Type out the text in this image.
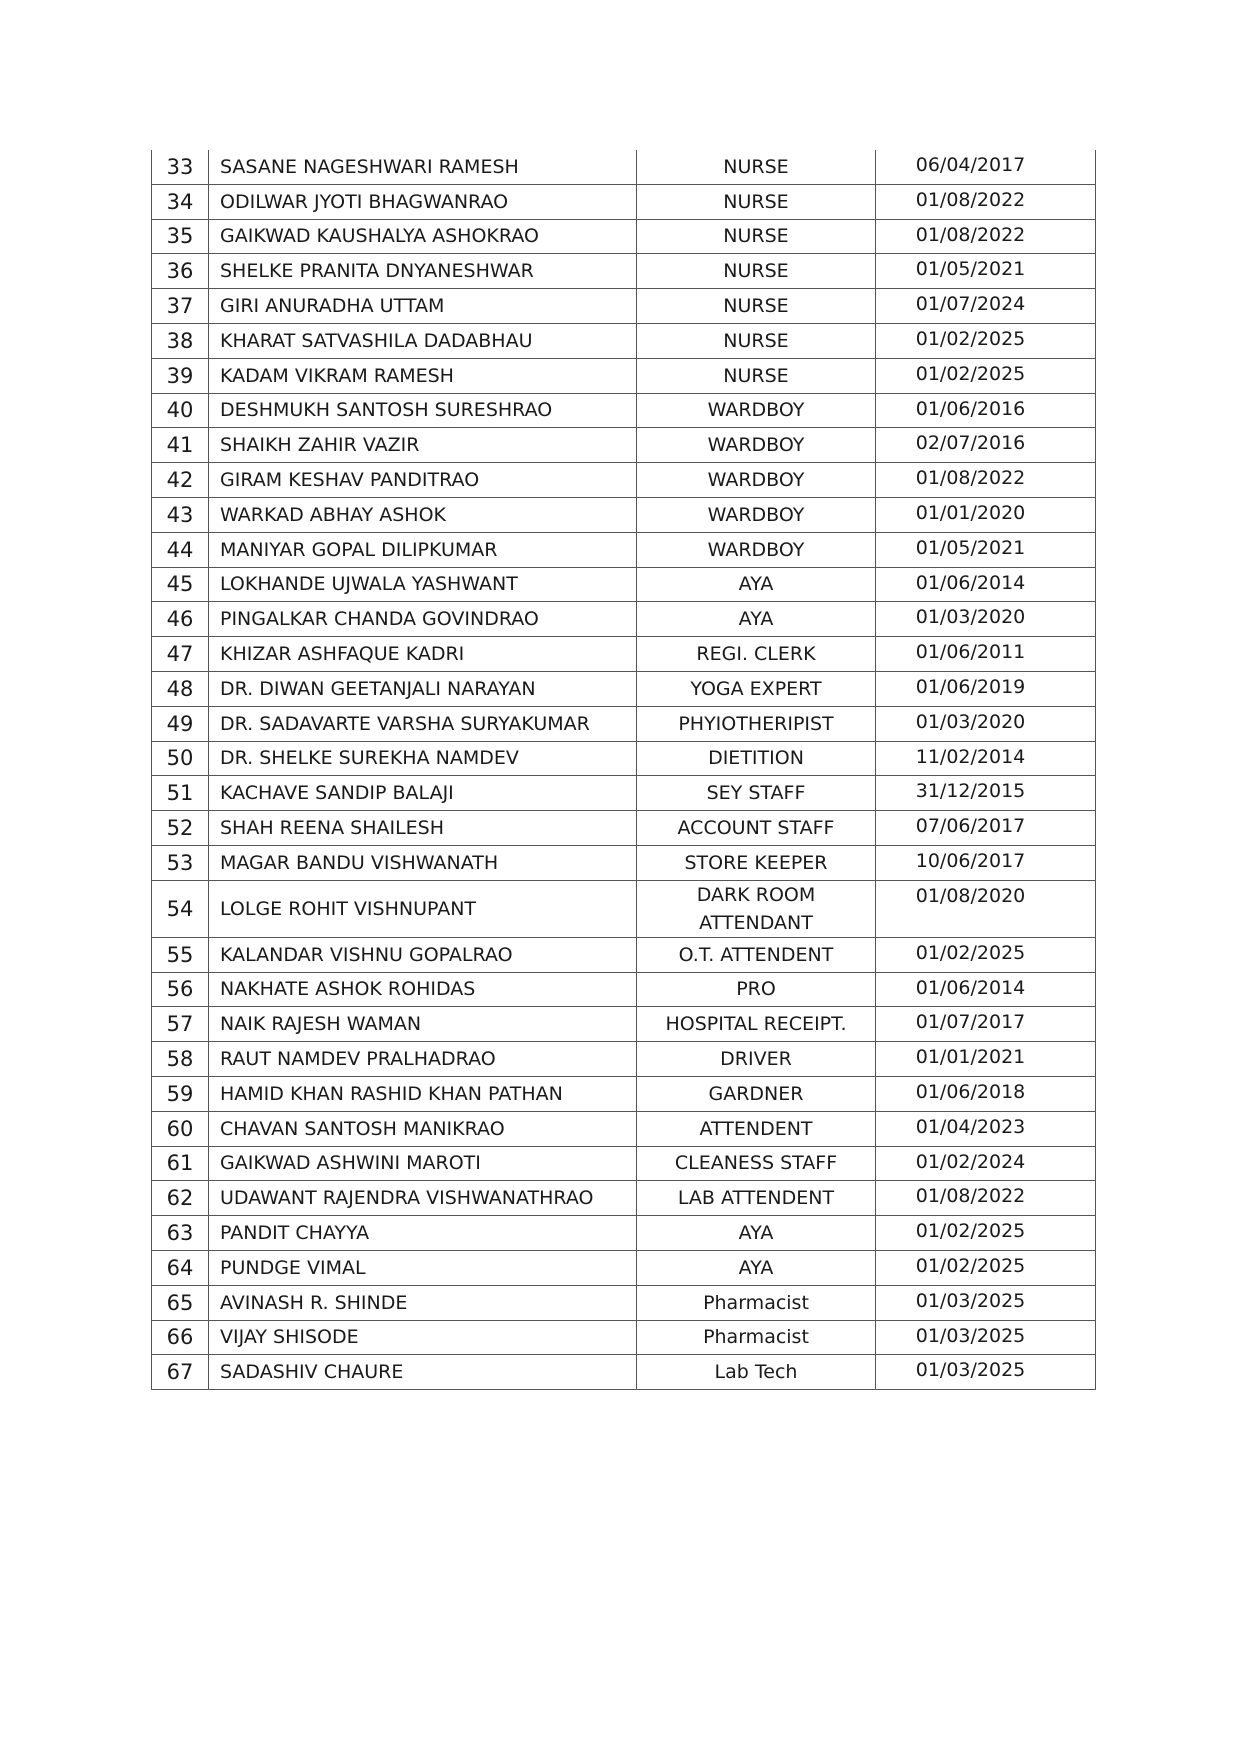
33	SASANE NAGESHWARI RAMESH	NURSE	06/04/2017
34	ODILWAR JYOTI BHAGWANRAO	NURSE	01/08/2022
35	GAIKWAD KAUSHALYA ASHOKRAO	NURSE	01/08/2022
36	SHELKE PRANITA DNYANESHWAR	NURSE	01/05/2021
37	GIRI ANURADHA UTTAM	NURSE	01/07/2024
38	KHARAT SATVASHILA DADABHAU	NURSE	01/02/2025
39	KADAM VIKRAM RAMESH	NURSE	01/02/2025
40	DESHMUKH SANTOSH SURESHRAO	WARDBOY	01/06/2016
41	SHAIKH ZAHIR VAZIR	WARDBOY	02/07/2016
42	GIRAM KESHAV PANDITRAO	WARDBOY	01/08/2022
43	WARKAD ABHAY ASHOK	WARDBOY	01/01/2020
44	MANIYAR GOPAL DILIPKUMAR	WARDBOY	01/05/2021
45	LOKHANDE UJWALA YASHWANT	AYA	01/06/2014
46	PINGALKAR CHANDA GOVINDRAO	AYA	01/03/2020
47	KHIZAR ASHFAQUE KADRI	REGI. CLERK	01/06/2011
48	DR. DIWAN GEETANJALI NARAYAN	YOGA EXPERT	01/06/2019
49	DR. SADAVARTE VARSHA SURYAKUMAR	PHYIOTHERIPIST	01/03/2020
50	DR. SHELKE SUREKHA NAMDEV	DIETITION	11/02/2014
51	KACHAVE SANDIP BALAJI	SEY STAFF	31/12/2015
52	SHAH REENA SHAILESH	ACCOUNT STAFF	07/06/2017
53	MAGAR BANDU VISHWANATH	STORE KEEPER	10/06/2017
54	LOLGE ROHIT VISHNUPANT	DARK ROOM ATTENDANT	01/08/2020
55	KALANDAR VISHNU GOPALRAO	O.T. ATTENDENT	01/02/2025
56	NAKHATE ASHOK ROHIDAS	PRO	01/06/2014
57	NAIK RAJESH WAMAN	HOSPITAL RECEIPT.	01/07/2017
58	RAUT NAMDEV PRALHADRAO	DRIVER	01/01/2021
59	HAMID KHAN RASHID KHAN PATHAN	GARDNER	01/06/2018
60	CHAVAN SANTOSH MANIKRAO	ATTENDENT	01/04/2023
61	GAIKWAD ASHWINI MAROTI	CLEANESS STAFF	01/02/2024
62	UDAWANT RAJENDRA VISHWANATHRAO	LAB ATTENDENT	01/08/2022
63	PANDIT CHAYYA	AYA	01/02/2025
64	PUNDGE VIMAL	AYA	01/02/2025
65	AVINASH R. SHINDE	Pharmacist	01/03/2025
66	VIJAY SHISODE	Pharmacist	01/03/2025
67	SADASHIV CHAURE	Lab Tech	01/03/2025
